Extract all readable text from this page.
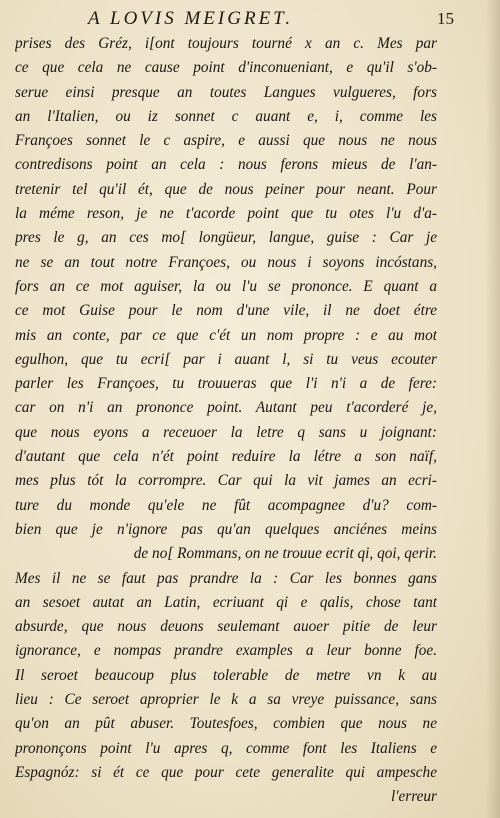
A LOVIS MEIGRET.	15
prises des Gréz, i[ont toujours tourné x an c. Mes par
ce que cela ne cause point d'inconueniant, e qu'il s'ob-
serue einsi presque an toutes Langues vulgueres, fors
an l'Italien, ou iz sonnet c auant e, i, comme les
Françoes sonnet le c aspire, e aussi que nous ne nous
contredisons point an cela : nous ferons mieus de l'an-
tretenir tel qu'il ét, que de nous peiner pour neant. Pour
la méme reson, je ne t'acorde point que tu otes l'u d'a-
pres le g, an ces mo[ longüeur, langue, guise : Car je
ne se an tout notre Françoes, ou nous i soyons incóstans,
fors an ce mot aguiser, la ou l'u se prononce. E quant a
ce mot Guise pour le nom d'une vile, il ne doet étre
mis an conte, par ce que c'ét un nom propre : e au mot
egulhon, que tu ecri[ par i auant l, si tu veus ecouter
parler les Françoes, tu trouueras que l'i n'i a de fere:
car on n'i an prononce point. Autant peu t'acorderé je,
que nous eyons a receuoer la letre q sans u joignant:
d'autant que cela n'ét point reduire la létre a son naïf,
mes plus tót la corrompre. Car qui la vit james an ecri-
ture du monde qu'ele ne fût acompagnee d'u? com-
bien que je n'ignore pas qu'an quelques anciénes meins
de no[ Rommans, on ne trouue ecrit qi, qoi, qerir.
Mes il ne se faut pas prandre la : Car les bonnes gans
an sesoet autat an Latin, ecriuant qi e qalis, chose tant
absurde, que nous deuons seulemant auoer pitie de leur
ignorance, e nompas prandre examples a leur bonne foe.
Il seroet beaucoup plus tolerable de metre vn k au
lieu : Ce seroet aproprier le k a sa vreye puissance, sans
qu'on an pût abuser. Toutesfoes, combien que nous ne
prononçons point l'u apres q, comme font les Italiens e
Espagnóz: si ét ce que pour cete generalite qui ampesche
l'erreur
